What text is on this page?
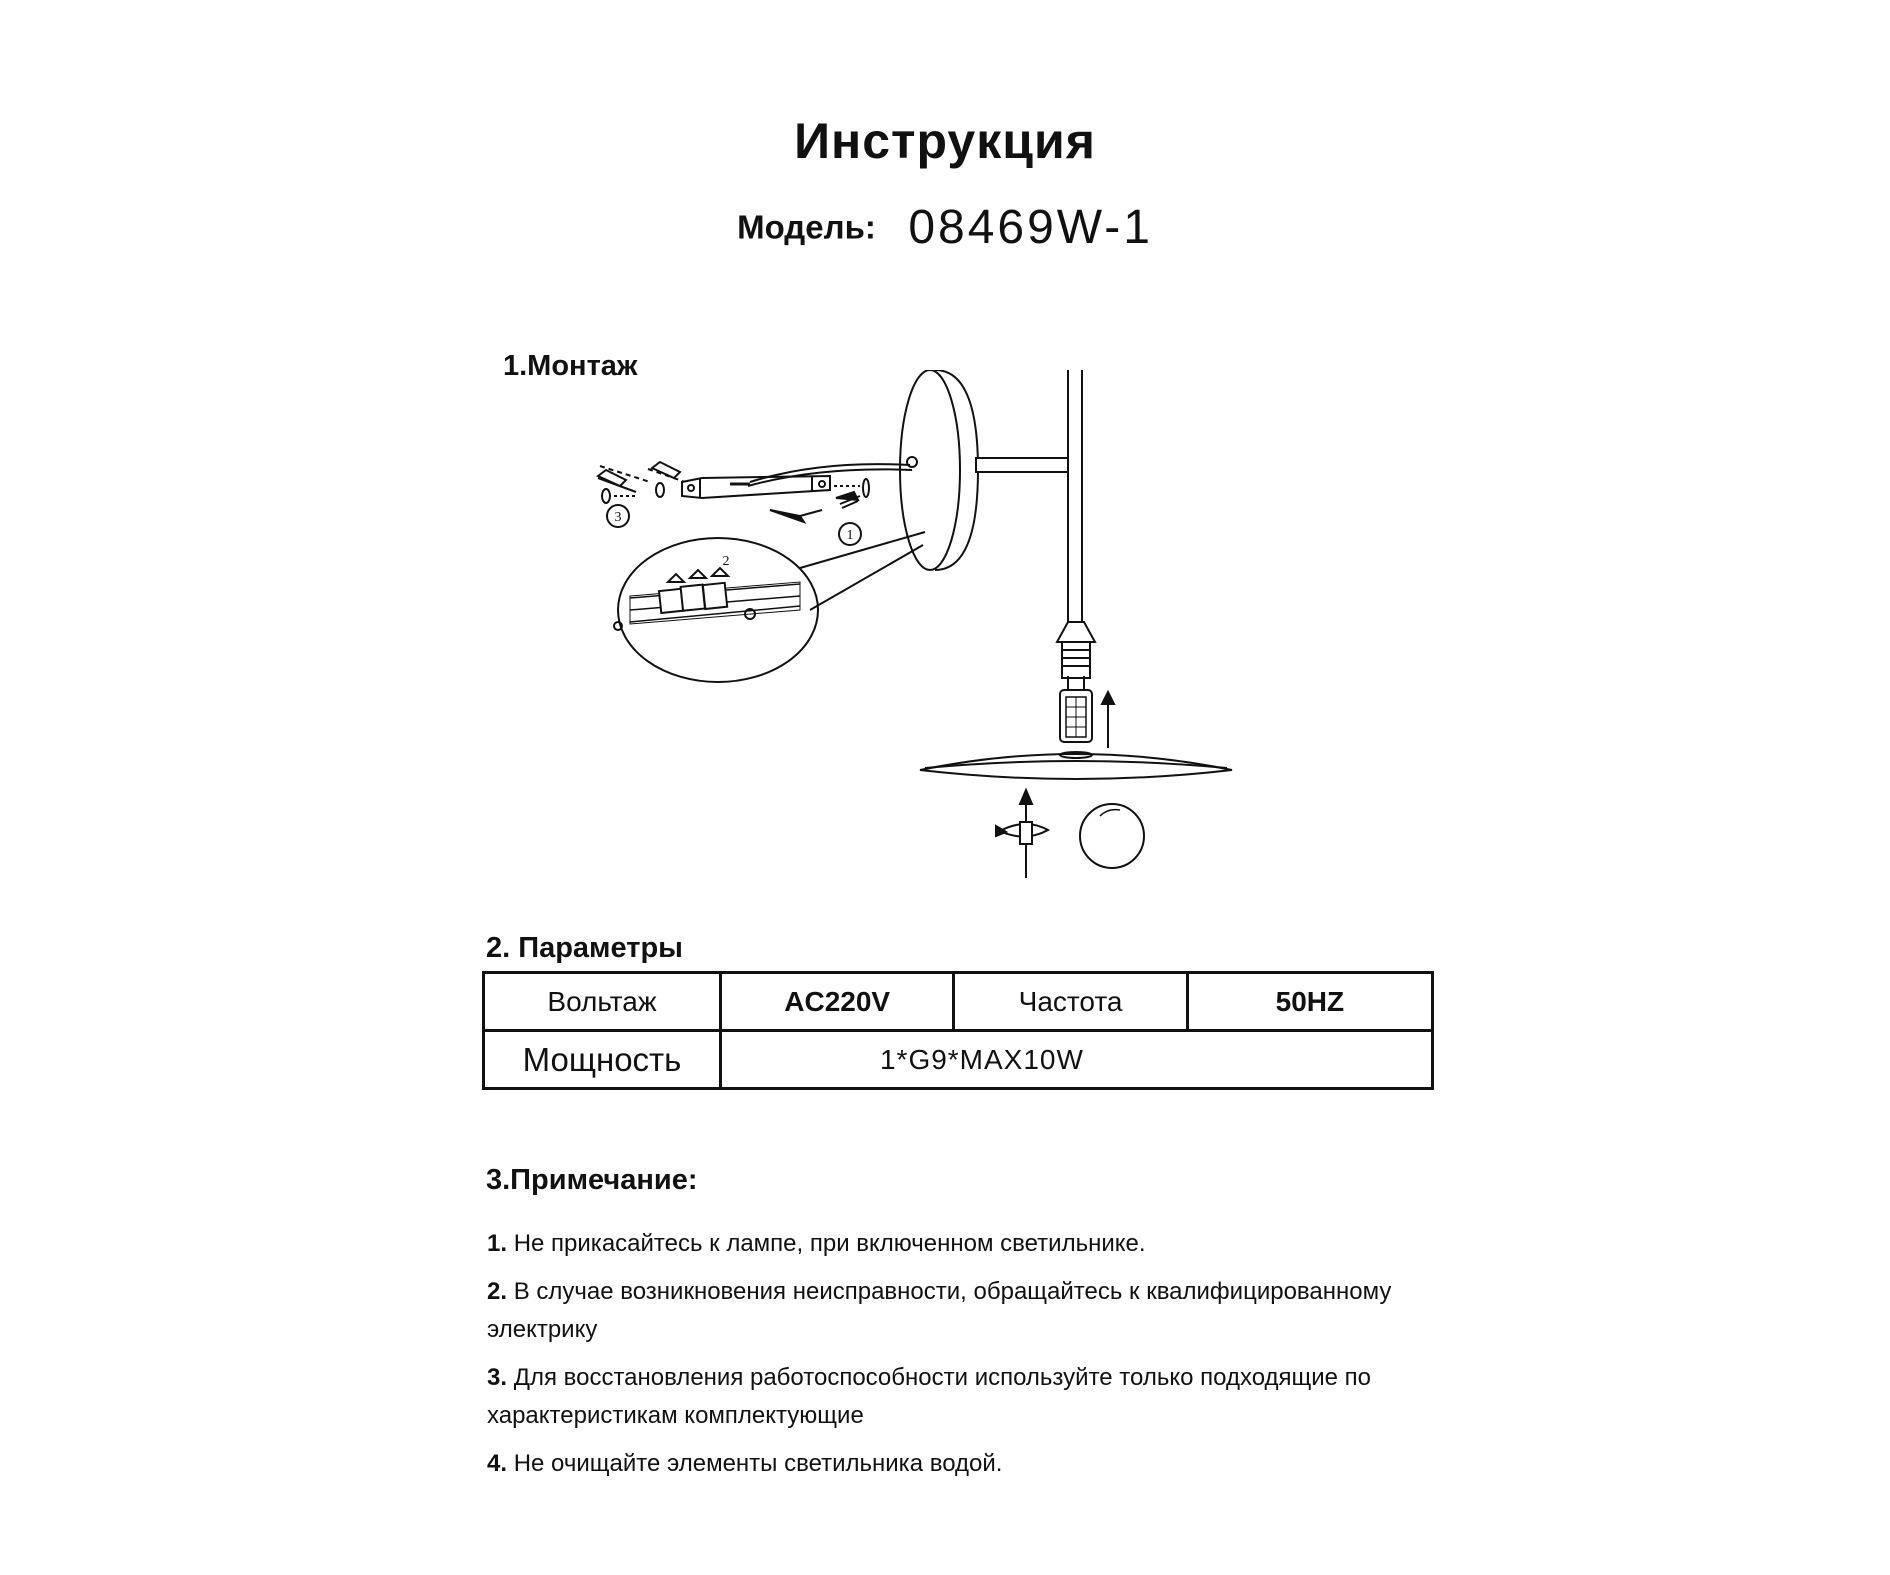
Инструкция
Модель: 08469W-1
1.Монтаж
1
2
3
2. Параметры
Вольтаж	AC220V	Частота	50HZ
Мощность	1*G9*MAX10W		
3.Примечание:
1. Не прикасайтесь к лампе, при включенном светильнике.
2. В случае возникновения неисправности, обращайтесь к квалифицированному электрику
3. Для восстановления работоспособности используйте только подходящие по характеристикам комплектующие
4. Не очищайте элементы светильника водой.
